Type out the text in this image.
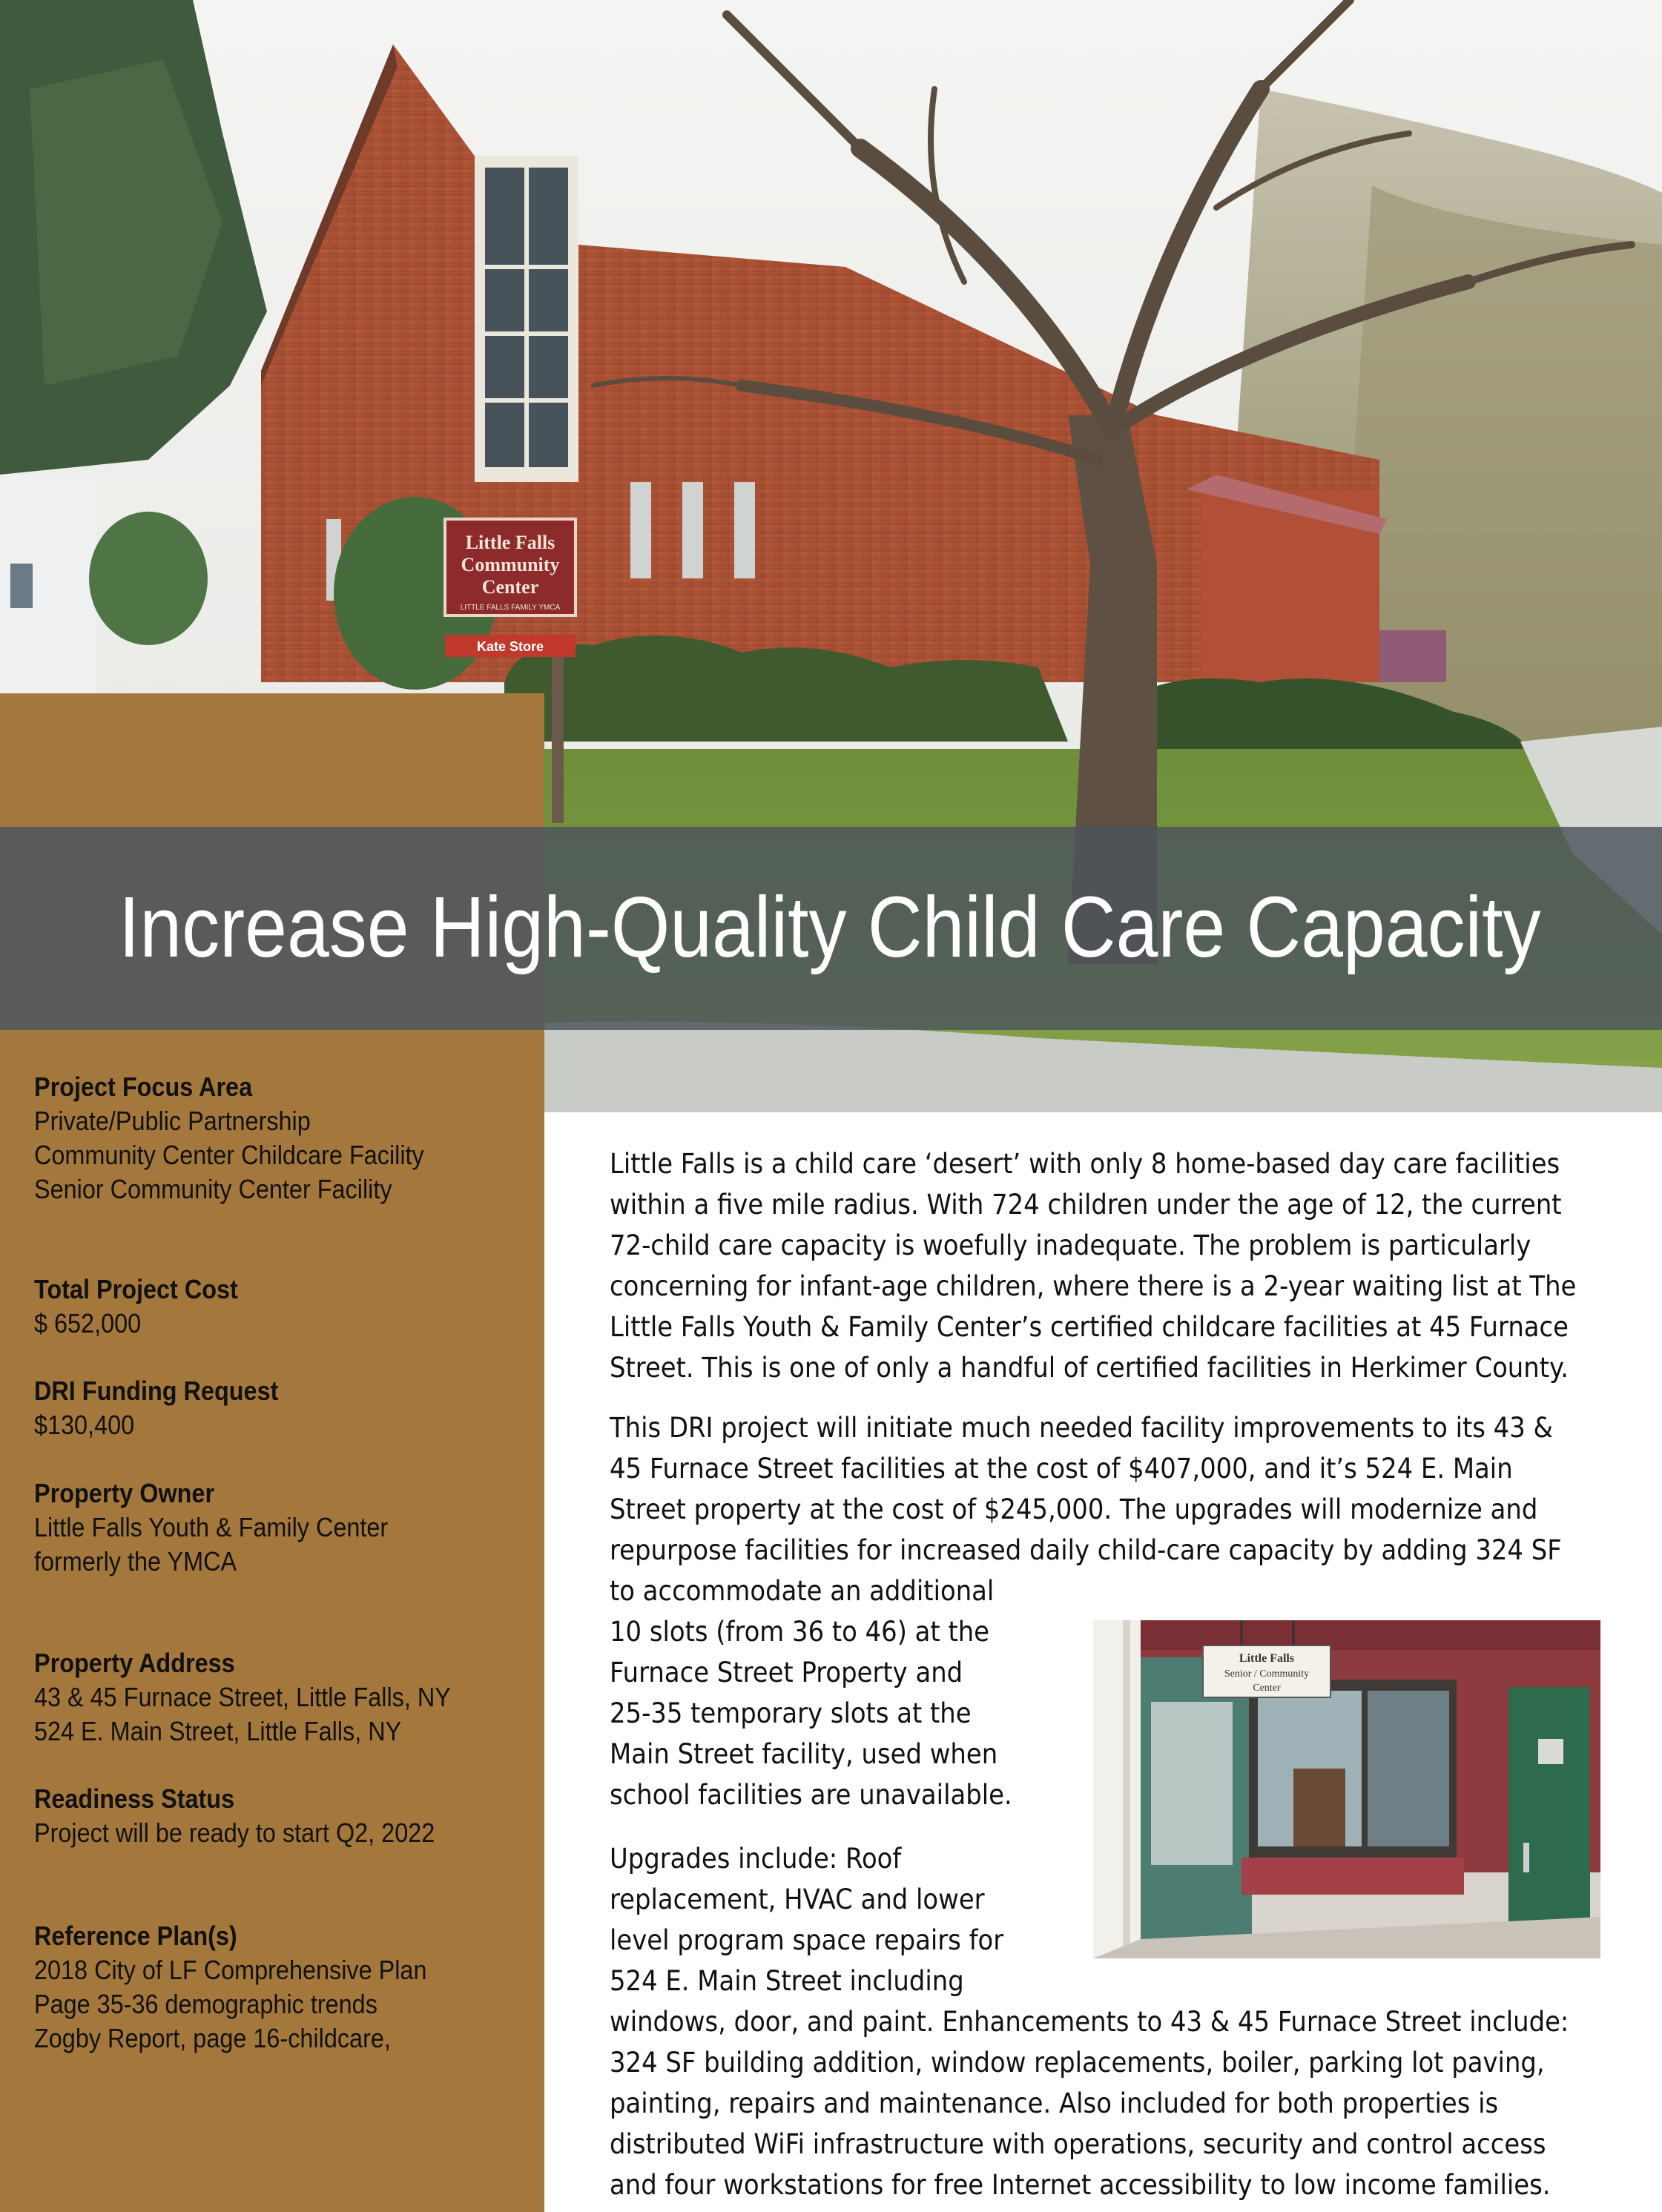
Little Falls
Community
Center
LITTLE FALLS FAMILY YMCA
Kate Store
Project Focus Area
Private/Public Partnership
Community Center Childcare Facility
Senior Community Center Facility
Total Project Cost
$ 652,000
DRI Funding Request
$130,400
Property Owner
Little Falls Youth & Family Center
formerly the YMCA
Property Address
43 & 45 Furnace Street, Little Falls, NY
524 E. Main Street, Little Falls, NY
Readiness Status
Project will be ready to start Q2, 2022
Reference Plan(s)
2018 City of LF Comprehensive Plan
Page 35-36 demographic trends
Zogby Report, page 16-childcare,
Increase High-Quality Child Care Capacity

Little Falls is a child care ‘desert’ with only 8 home-based day care facilities
within a five mile radius. With 724 children under the age of 12, the current
72-child care capacity is woefully inadequate. The problem is particularly
concerning for infant-age children, where there is a 2-year waiting list at The
Little Falls Youth & Family Center’s certified childcare facilities at 45 Furnace
Street. This is one of only a handful of certified facilities in Herkimer County.

This DRI project will initiate much needed facility improvements to its 43 &
45 Furnace Street facilities at the cost of $407,000, and it’s 524 E. Main
Street property at the cost of $245,000. The upgrades will modernize and
repurpose facilities for increased daily child-care capacity by adding 324 SF
to accommodate an additional
10 slots (from 36 to 46) at the
Furnace Street Property and
25-35 temporary slots at the
Main Street facility, used when
school facilities are unavailable.

Upgrades include: Roof
replacement, HVAC and lower
level program space repairs for
524 E. Main Street including
windows, door, and paint. Enhancements to 43 & 45 Furnace Street include:
324 SF building addition, window replacements, boiler, parking lot paving,
painting, repairs and maintenance. Also included for both properties is
distributed WiFi infrastructure with operations, security and control access
and four workstations for free Internet accessibility to low income families.

Little Falls
Senior / Community
Center
